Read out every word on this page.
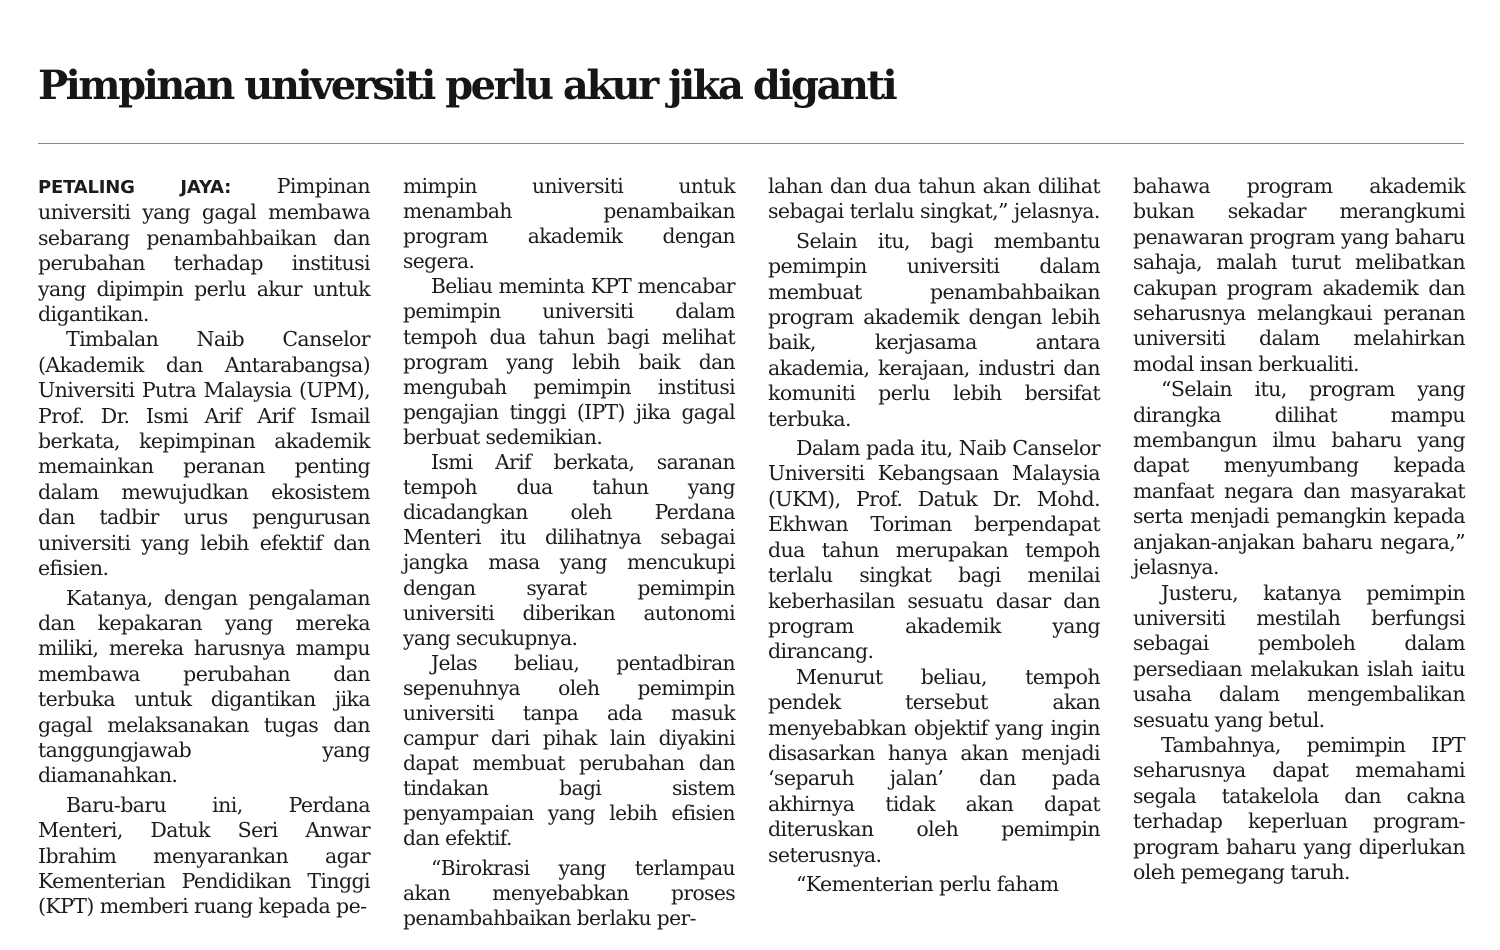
Pimpinan universiti perlu akur jika diganti

PETALING JAYA: Pimpinan universiti yang gagal membawa sebarang penambahbaikan dan perubahan terhadap institusi yang dipimpin perlu akur untuk digantikan.

Timbalan Naib Canselor (Akademik dan Antarabangsa) Universiti Putra Malaysia (UPM), Prof. Dr. Ismi Arif Arif Ismail berkata, kepimpinan akademik memainkan peranan penting dalam mewujudkan ekosistem dan tadbir urus pengurusan universiti yang lebih efektif dan efisien.

Katanya, dengan pengalaman dan kepakaran yang mereka miliki, mereka harusnya mampu membawa perubahan dan terbuka untuk digantikan jika gagal melaksanakan tugas dan tanggungjawab yang diamanahkan.

Baru-baru ini, Perdana Menteri, Datuk Seri Anwar Ibrahim menyarankan agar Kementerian Pendidikan Tinggi (KPT) memberi ruang kepada pe-

mimpin universiti untuk menambah penambaikan program akademik dengan segera.

Beliau meminta KPT mencabar pemimpin universiti dalam tempoh dua tahun bagi melihat program yang lebih baik dan mengubah pemimpin institusi pengajian tinggi (IPT) jika gagal berbuat sedemikian.

Ismi Arif berkata, saranan tempoh dua tahun yang dicadangkan oleh Perdana Menteri itu dilihatnya sebagai jangka masa yang mencukupi dengan syarat pemimpin universiti diberikan autonomi yang secukupnya.

Jelas beliau, pentadbiran sepenuhnya oleh pemimpin universiti tanpa ada masuk campur dari pihak lain diyakini dapat membuat perubahan dan tindakan bagi sistem penyampaian yang lebih efisien dan efektif.

“Birokrasi yang terlampau akan menyebabkan proses penambahbaikan berlaku per-

lahan dan dua tahun akan dilihat sebagai terlalu singkat,” jelasnya.

Selain itu, bagi membantu pemimpin universiti dalam membuat penambahbaikan program akademik dengan lebih baik, kerjasama antara akademia, kerajaan, industri dan komuniti perlu lebih bersifat terbuka.

Dalam pada itu, Naib Canselor Universiti Kebangsaan Malaysia (UKM), Prof. Datuk Dr. Mohd. Ekhwan Toriman berpendapat dua tahun merupakan tempoh terlalu singkat bagi menilai keberhasilan sesuatu dasar dan program akademik yang dirancang.

Menurut beliau, tempoh pendek tersebut akan menyebabkan objektif yang ingin disasarkan hanya akan menjadi ‘separuh jalan’ dan pada akhirnya tidak akan dapat diteruskan oleh pemimpin seterusnya.

“Kementerian perlu faham

bahawa program akademik bukan sekadar merangkumi penawaran program yang baharu sahaja, malah turut melibatkan cakupan program akademik dan seharusnya melangkaui peranan universiti dalam melahirkan modal insan berkualiti.

“Selain itu, program yang dirangka dilihat mampu membangun ilmu baharu yang dapat menyumbang kepada manfaat negara dan masyarakat serta menjadi pemangkin kepada anjakan-anjakan baharu negara,” jelasnya.

Justeru, katanya pemimpin universiti mestilah berfungsi sebagai pemboleh dalam persediaan melakukan islah iaitu usaha dalam mengembalikan sesuatu yang betul.

Tambahnya, pemimpin IPT seharusnya dapat memahami segala tatakelola dan cakna terhadap keperluan program-program baharu yang diperlukan oleh pemegang taruh.
